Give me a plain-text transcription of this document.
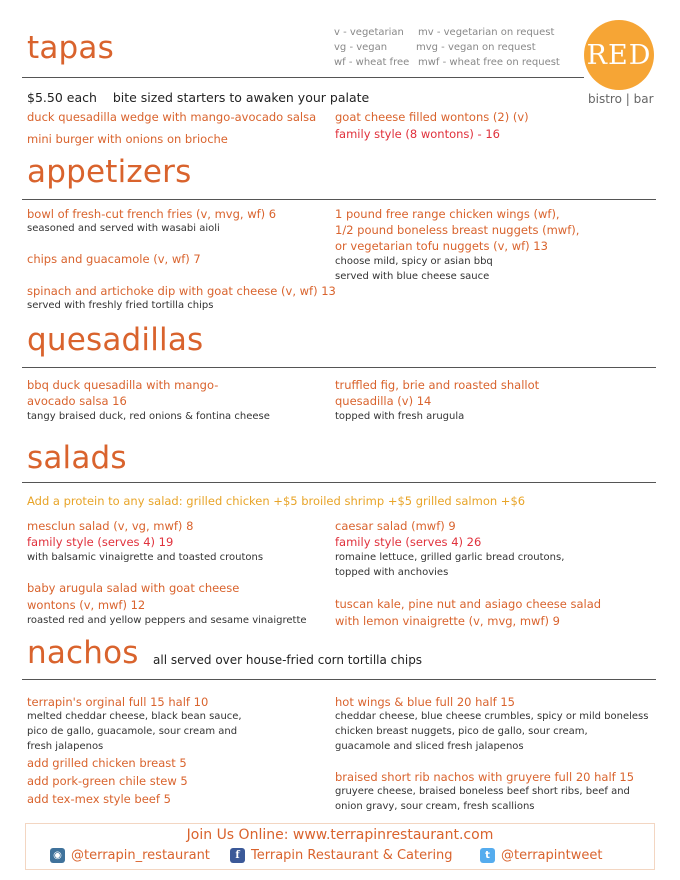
tapas	v - vegetarian
vg - vegan
wf - wheat free
mv - vegetarian on request
mvg - vegan on request
mwf - wheat free on request RED
bistro | bar
$5.50 each bite sized starters to awaken your palate
duck quesadilla wedge with mango-avocado salsa
mini burger with onions on brioche
goat cheese filled wontons (2) (v)
family style (8 wontons) - 16
appetizers
bowl of fresh-cut french fries (v, mvg, wf) 6
seasoned and served with wasabi aioli
chips and guacamole (v, wf) 7
spinach and artichoke dip with goat cheese (v, wf) 13
served with freshly fried tortilla chips
1 pound free range chicken wings (wf),
1/2 pound boneless breast nuggets (mwf),
or vegetarian tofu nuggets (v, wf) 13
choose mild, spicy or asian bbq
served with blue cheese sauce
quesadillas
bbq duck quesadilla with mango-
avocado salsa 16
tangy braised duck, red onions & fontina cheese
truffled fig, brie and roasted shallot
quesadilla (v) 14
topped with fresh arugula
salads
Add a protein to any salad: grilled chicken +$5 broiled shrimp +$5 grilled salmon +$6
mesclun salad (v, vg, mwf) 8
family style (serves 4) 19
with balsamic vinaigrette and toasted croutons
baby arugula salad with goat cheese
wontons (v, mwf) 12
roasted red and yellow peppers and sesame vinaigrette
caesar salad (mwf) 9
family style (serves 4) 26
romaine lettuce, grilled garlic bread croutons,
topped with anchovies
tuscan kale, pine nut and asiago cheese salad
with lemon vinaigrette (v, mvg, mwf) 9
nachos all served over house-fried corn tortilla chips
terrapin's orginal full 15 half 10
melted cheddar cheese, black bean sauce,
pico de gallo, guacamole, sour cream and
fresh jalapenos
add grilled chicken breast 5
add pork-green chile stew 5
add tex-mex style beef 5
hot wings & blue full 20 half 15
cheddar cheese, blue cheese crumbles, spicy or mild boneless
chicken breast nuggets, pico de gallo, sour cream,
guacamole and sliced fresh jalapenos
braised short rib nachos with gruyere full 20 half 15
gruyere cheese, braised boneless beef short ribs, beef and
onion gravy, sour cream, fresh scallions
Join Us Online: www.terrapinrestaurant.com
◉ @terrapin_restaurant	f Terrapin Restaurant & Catering	t @terrapintweet
